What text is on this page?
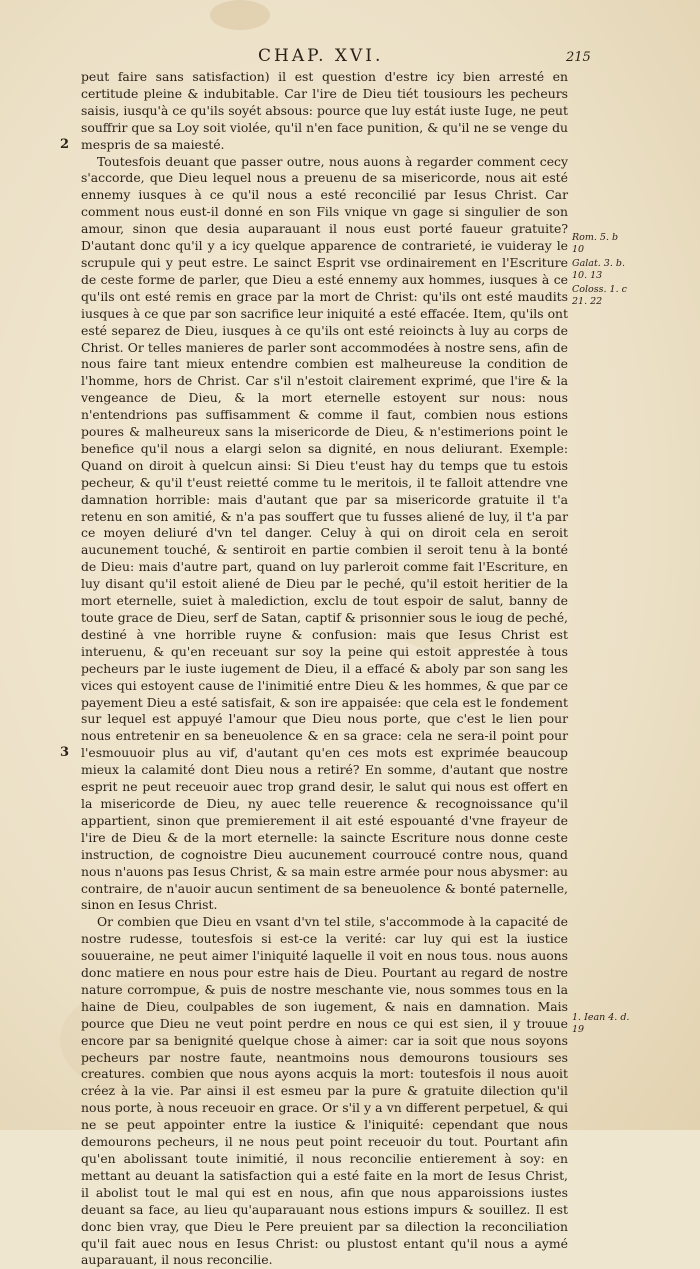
CHAP. XVI.	215
2
3

peut faire sans satisfaction) il est question d'estre icy bien arresté en certitude pleine & indubitable. Car l'ire de Dieu tiét tousiours les pecheurs saisis, iusqu'à ce qu'ils soyét absous: pource que luy estát iuste Iuge, ne peut souffrir que sa Loy soit violée, qu'il n'en face punition, & qu'il ne se venge du mespris de sa maiesté.

Toutesfois deuant que passer outre, nous auons à regarder comment cecy s'accorde, que Dieu lequel nous a preuenu de sa misericorde, nous ait esté ennemy iusques à ce qu'il nous a esté reconcilié par Iesus Christ. Car comment nous eust-il donné en son Fils vnique vn gage si singulier de son amour, sinon que desia auparauant il nous eust porté faueur gratuite? D'autant donc qu'il y a icy quelque apparence de contrarieté, ie vuideray le scrupule qui y peut estre. Le sainct Esprit vse ordinairement en l'Escriture de ceste forme de parler, que Dieu a esté ennemy aux hommes, iusques à ce qu'ils ont esté remis en grace par la mort de Christ: qu'ils ont esté maudits iusques à ce que par son sacrifice leur iniquité a esté effacée. Item, qu'ils ont esté separez de Dieu, iusques à ce qu'ils ont esté reioincts à luy au corps de Christ. Or telles manieres de parler sont accommodées à nostre sens, afin de nous faire tant mieux entendre combien est malheureuse la condition de l'homme, hors de Christ. Car s'il n'estoit clairement exprimé, que l'ire & la vengeance de Dieu, & la mort eternelle estoyent sur nous: nous n'entendrions pas suffisamment & comme il faut, combien nous estions poures & malheureux sans la misericorde de Dieu, & n'estimerions point le benefice qu'il nous a elargi selon sa dignité, en nous deliurant. Exemple: Quand on diroit à quelcun ainsi: Si Dieu t'eust hay du temps que tu estois pecheur, & qu'il t'eust reietté comme tu le meritois, il te falloit attendre vne damnation horrible: mais d'autant que par sa misericorde gratuite il t'a retenu en son amitié, & n'a pas souffert que tu fusses aliené de luy, il t'a par ce moyen deliuré d'vn tel danger. Celuy à qui on diroit cela en seroit aucunement touché, & sentiroit en partie combien il seroit tenu à la bonté de Dieu: mais d'autre part, quand on luy parleroit comme fait l'Escriture, en luy disant qu'il estoit aliené de Dieu par le peché, qu'il estoit heritier de la mort eternelle, suiet à malediction, exclu de tout espoir de salut, banny de toute grace de Dieu, serf de Satan, captif & prisonnier sous le ioug de peché, destiné à vne horrible ruyne & confusion: mais que Iesus Christ est interuenu, & qu'en receuant sur soy la peine qui estoit apprestée à tous pecheurs par le iuste iugement de Dieu, il a effacé & aboly par son sang les vices qui estoyent cause de l'inimitié entre Dieu & les hommes, & que par ce payement Dieu a esté satisfait, & son ire appaisée: que cela est le fondement sur lequel est appuyé l'amour que Dieu nous porte, que c'est le lien pour nous entretenir en sa beneuolence & en sa grace: cela ne sera-il point pour l'esmouuoir plus au vif, d'autant qu'en ces mots est exprimée beaucoup mieux la calamité dont Dieu nous a retiré? En somme, d'autant que nostre esprit ne peut receuoir auec trop grand desir, le salut qui nous est offert en la misericorde de Dieu, ny auec telle reuerence & recognoissance qu'il appartient, sinon que premierement il ait esté espouanté d'vne frayeur de l'ire de Dieu & de la mort eternelle: la saincte Escriture nous donne ceste instruction, de cognoistre Dieu aucunement courroucé contre nous, quand nous n'auons pas Iesus Christ, & sa main estre armée pour nous abysmer: au contraire, de n'auoir aucun sentiment de sa beneuolence & bonté paternelle, sinon en Iesus Christ.

Or combien que Dieu en vsant d'vn tel stile, s'accommode à la capacité de nostre rudesse, toutesfois si est-ce la verité: car luy qui est la iustice souueraine, ne peut aimer l'iniquité laquelle il voit en nous tous. nous auons donc matiere en nous pour estre hais de Dieu. Pourtant au regard de nostre nature corrompue, & puis de nostre meschante vie, nous sommes tous en la haine de Dieu, coulpables de son iugement, & nais en damnation. Mais pource que Dieu ne veut point perdre en nous ce qui est sien, il y trouue encore par sa benignité quelque chose à aimer: car ia soit que nous soyons pecheurs par nostre faute, neantmoins nous demourons tousiours ses creatures. combien que nous ayons acquis la mort: toutesfois il nous auoit créez à la vie. Par ainsi il est esmeu par la pure & gratuite dilection qu'il nous porte, à nous receuoir en grace. Or s'il y a vn different perpetuel, & qui ne se peut appointer entre la iustice & l'iniquité: cependant que nous demourons pecheurs, il ne nous peut point receuoir du tout. Pourtant afin qu'en abolissant toute inimitié, il nous reconcilie entierement à soy: en mettant au deuant la satisfaction qui a esté faite en la mort de Iesus Christ, il abolist tout le mal qui est en nous, afin que nous apparoissions iustes deuant sa face, au lieu qu'auparauant nous estions impurs & souillez. Il est donc bien vray, que Dieu le Pere preuient par sa dilection la reconciliation qu'il fait auec nous en Iesus Christ: ou plustost entant qu'il nous a aymé auparauant, il nous reconcilie.

Rom. 5. b 10
Galat. 3. b. 10. 13
Coloss. 1. c 21. 22
1. Iean 4. d. 19
